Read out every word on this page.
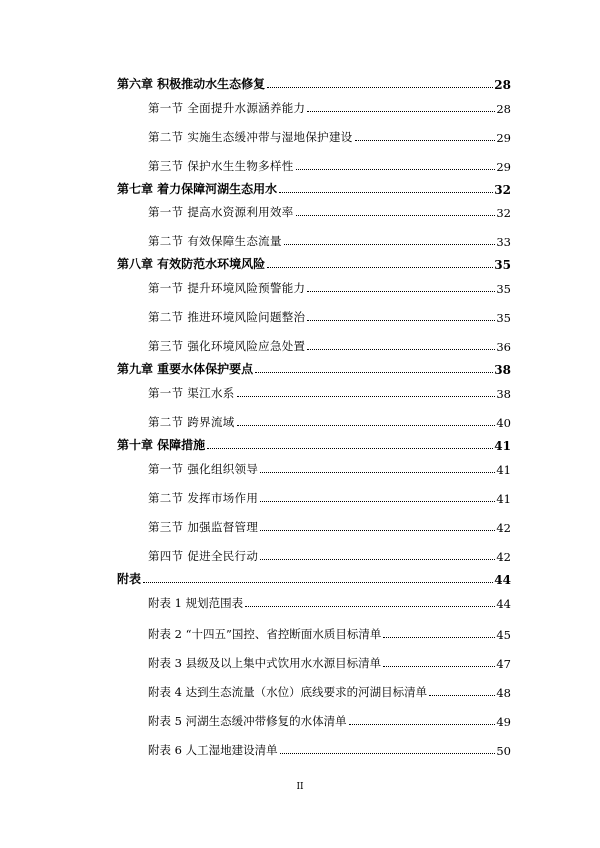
第六章 积极推动水生态修复	28
第一节 全面提升水源涵养能力	28
第二节 实施生态缓冲带与湿地保护建设	29
第三节 保护水生生物多样性	29
第七章 着力保障河湖生态用水	32
第一节 提高水资源利用效率	32
第二节 有效保障生态流量	33
第八章 有效防范水环境风险	35
第一节 提升环境风险预警能力	35
第二节 推进环境风险问题整治	35
第三节 强化环境风险应急处置	36
第九章 重要水体保护要点	38
第一节 渠江水系	38
第二节 跨界流域	40
第十章 保障措施	41
第一节 强化组织领导	41
第二节 发挥市场作用	41
第三节 加强监督管理	42
第四节 促进全民行动	42
附表	44
附表 1 规划范围表	44
附表 2 “十四五”国控、省控断面水质目标清单	45
附表 3 县级及以上集中式饮用水水源目标清单	47
附表 4 达到生态流量（水位）底线要求的河湖目标清单	48
附表 5 河湖生态缓冲带修复的水体清单	49
附表 6 人工湿地建设清单	50
II
